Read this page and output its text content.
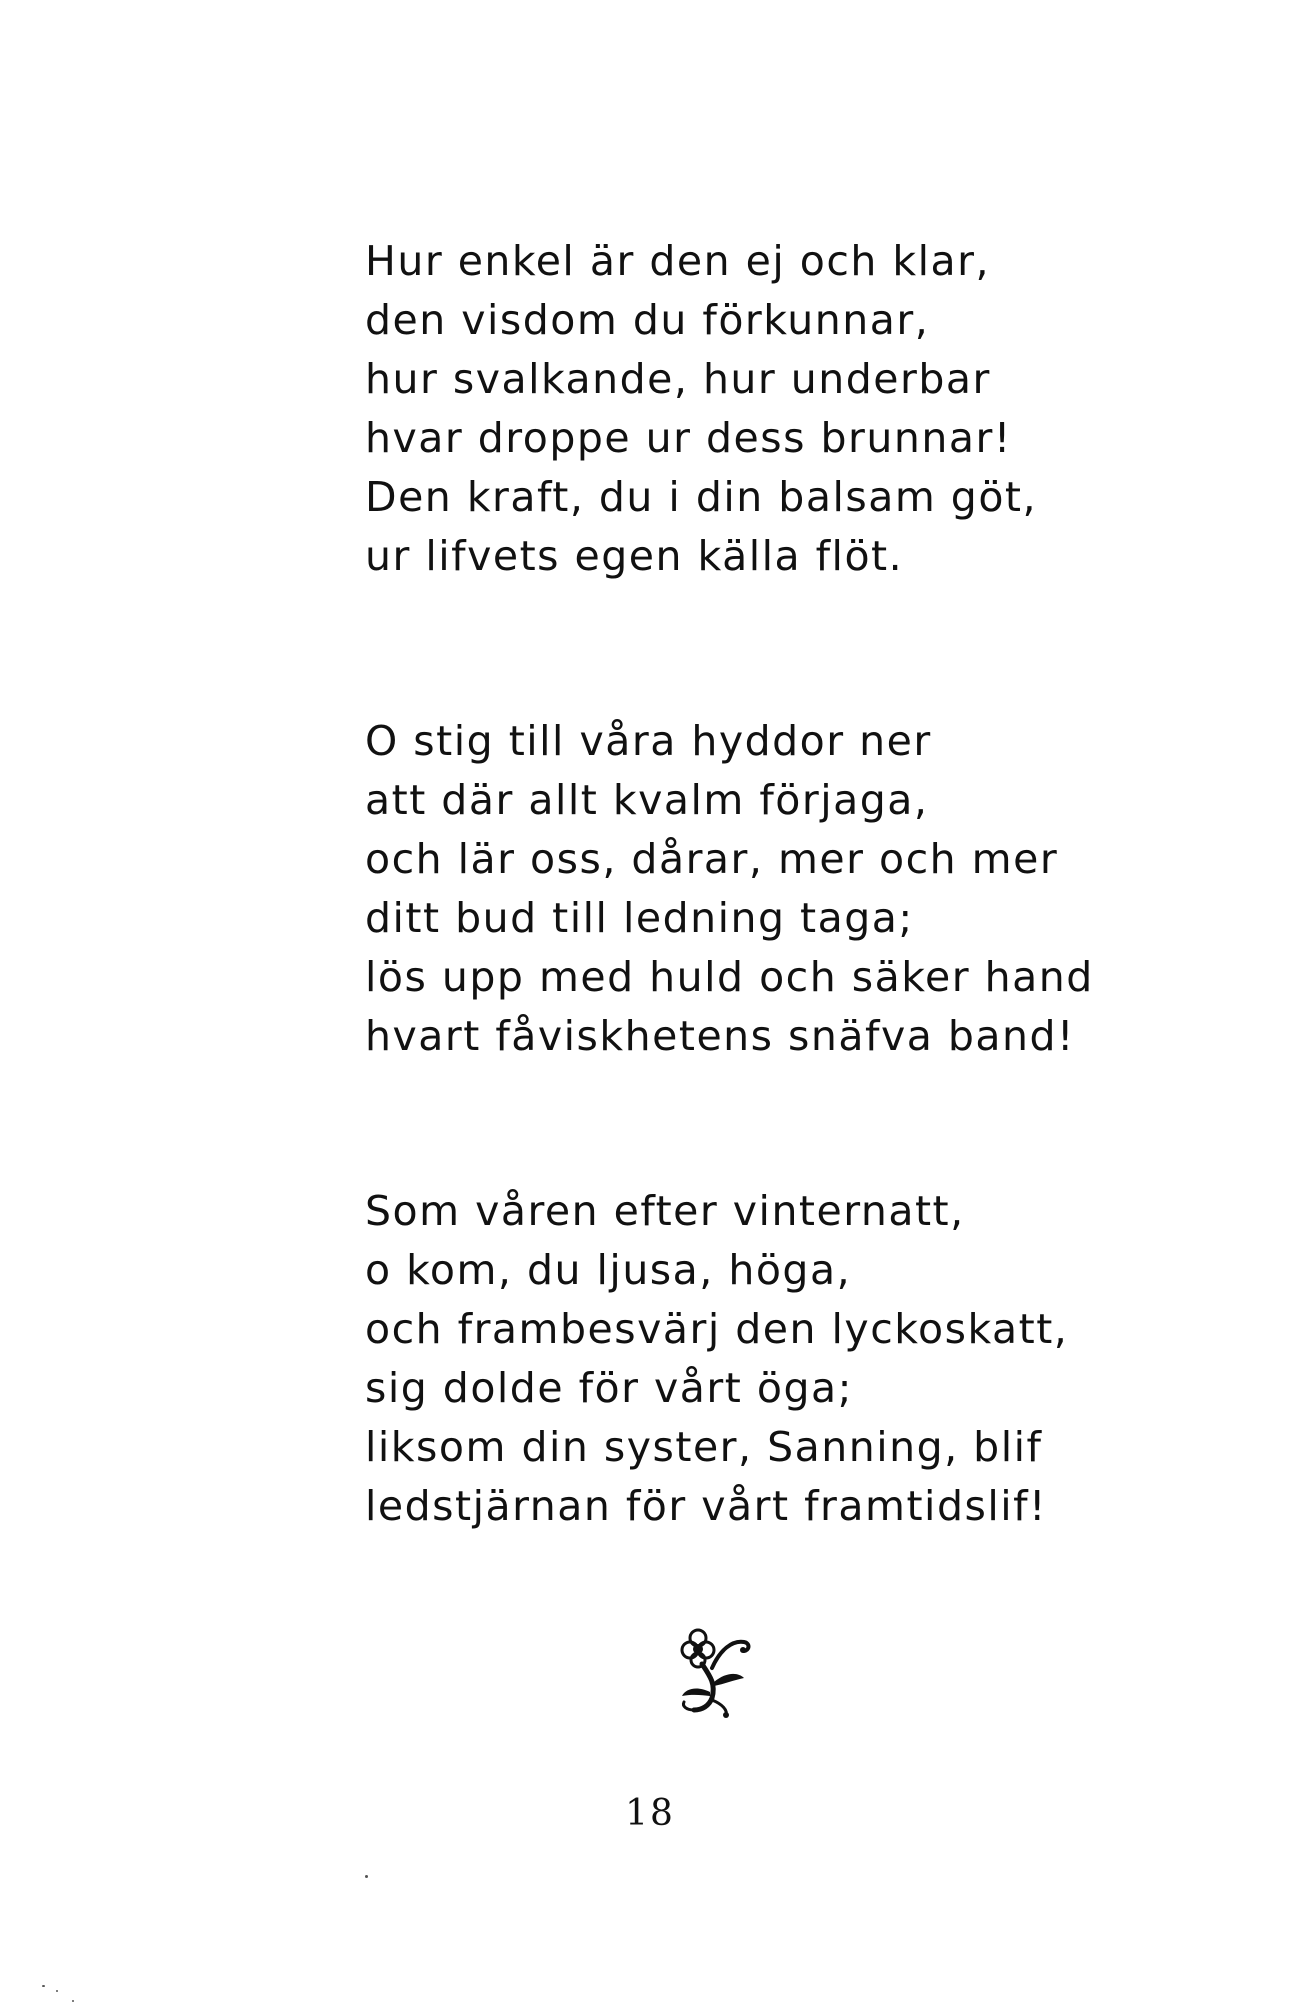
Hur enkel är den ej och klar,
den visdom du förkunnar,
hur svalkande, hur underbar
hvar droppe ur dess brunnar!
Den kraft, du i din balsam göt,
ur lifvets egen källa flöt.
O stig till våra hyddor ner
att där allt kvalm förjaga,
och lär oss, dårar, mer och mer
ditt bud till ledning taga;
lös upp med huld och säker hand
hvart fåviskhetens snäfva band!
Som våren efter vinternatt,
o kom, du ljusa, höga,
och frambesvärj den lyckoskatt,
sig dolde för vårt öga;
liksom din syster, Sanning, blif
ledstjärnan för vårt framtidslif!
18
